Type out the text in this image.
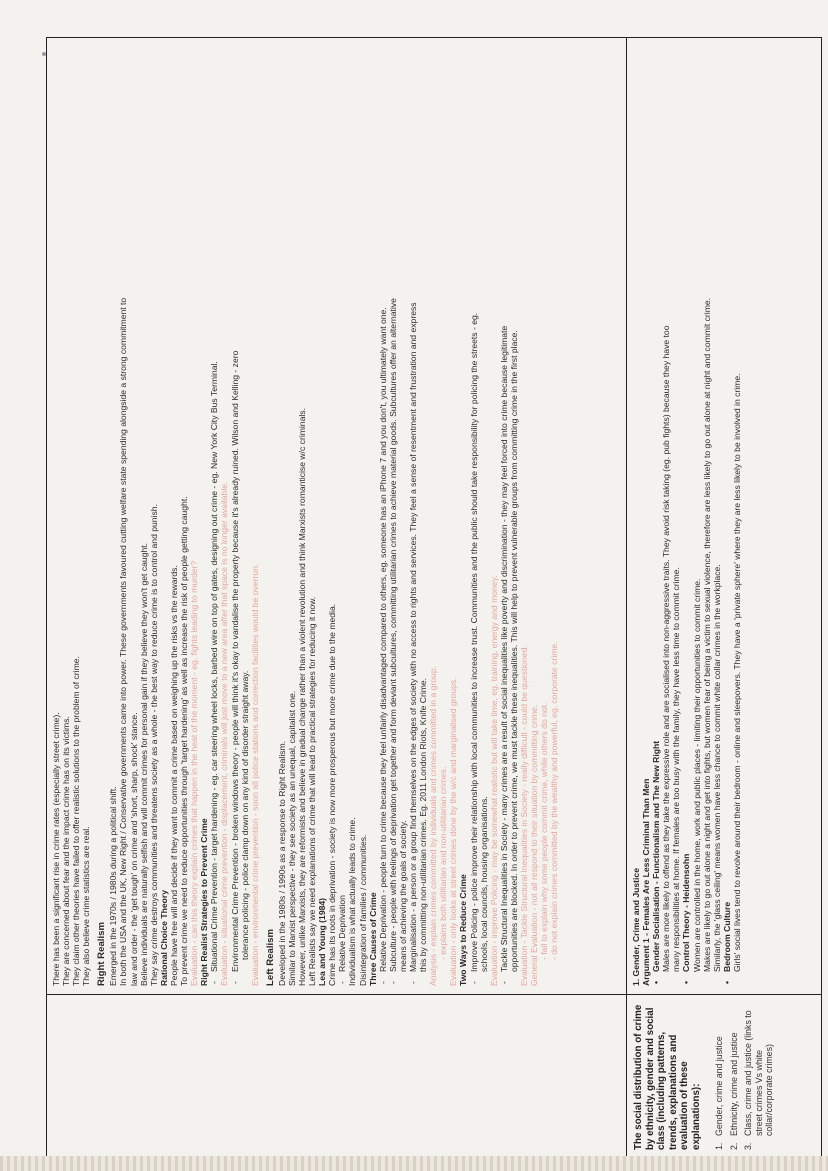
There has been a significant rise in crime rates (especially street crime). They are concerned about fear and the impact crime has on its victims. They claim other theories have failed to offer realistic solutions to the problem of crime. They also believe crime statistics are real. Right Realism Emerged in the 1970s / 1980s during a political shift. In both the USA and the UK, New Right / Conservative governments came into power. These governments favoured cutting welfare state spending alongside a strong commitment to law and order - the 'get tough' on crime and 'short, sharp, shock' stance. Believe individuals are naturally selfish and will commit crimes for personal gain if they believe they won't get caught. They say crime destroys communities and threatens society as a whole - the best way to reduce crime is to control and punish. Rational Choice Theory People have free will and decide if they want to commit a crime based on weighing up the risks vs the rewards. To prevent crime we need to reduce opportunities through 'target hardening' as well as increase the risk of people getting caught. Evaluation - can this theory explain crimes that happen in the heat of the moment - eg. fights leading to murder? Right Realist Strategies to Prevent Crime - Situational Crime Prevention - target hardening - eg. car steering wheel locks, barbed wire on top of gates, designing out crime - eg. New York City Bus Terminal. Evaluation - situational crime prevention - displacement, criminals will just move to a new area after that space is no longer available. - Environmental Crime Prevention - broken windows theory - people will think it's okay to vandalise the property because it's already ruined. Wilson and Kelling - zero tolerance policing - police clamp down on any kind of disorder straight away. Evaluation - environmental crime prevention - soon all police stations and correction facilities would be overrun. Left Realism Developed in the 1980s / 1990s as a response to Right Realism. Similar to Marxist perspective - they see society as an unequal, capitalist one. However, unlike Marxists, they are reformists and believe in gradual change rather than a violent revolution and think Marxists romanticise w/c criminals. Left Realists say we need explanations of crime that will lead to practical strategies for reducing it now. Lea and Young (1984) Crime has its roots in deprivation - society is now more prosperous but more crime due to the media. - Relative Deprivation Individualism is what actually leads to crime. Disintegration of families / communities. Three Causes of Crime - Relative Deprivation - people turn to crime because they feel unfairly disadvantaged compared to others, eg. someone has an iPhone 7 and you don't, you ultimately want one. - Subculture - people with feelings of deprivation get together and form deviant subcultures, committing utilitarian crimes to achieve material goods. Subcultures offer an alternative means of achieving the goals of society. - Marginalisation - a person or a group find themselves on the edges of society with no access to rights and services. They feel a sense of resentment and frustration and express this by committing non-utilitarian crimes. Eg. 2011 London Riots, Knife Crime. Analysis - explain crimes committed by individuals and crimes committed in a group. - explains both utilitarian and non-utilitarian crimes. Evaluation - only looks at street crimes done by the w/c and marginalised groups. Two Ways to Reduce Crime - Improve Policing - police improve their relationship with local communities to increase trust. Communities and the public should take responsibility for policing the streets - eg. schools, local councils, housing organisations. Evaluation - improve Policing - may be somewhat realistic but will take time, eg. training, energy and money. - Tackle Structural Inequalities in Society - many crimes are a result of social inequalities like poverty and discrimination - they may feel forced into crime because legitimate opportunities are blocked. In order to prevent crime, we must tackle these inequalities. This will help to prevent vulnerable groups from committing crime in the first place. Evaluation - Tackle Structural Inequalities in Society - really difficult - could be questioned. General Evaluation - not all respond to their situation by committing crime. - fail to explain why some people commit crime, while others do not. - do not explain crimes committed by the wealthy and powerful, eg. corporate crime.
The social distribution of crime by ethnicity, gender and social class (including patterns, trends, explanations and evaluation of these explanations): 1.
Gender, crime and justice
2.
Ethnicity, crime and justice
3.
Class, crime and justice (links to street crimes Vs white collar/corporate crimes)
1. Gender, Crime and Justice Argument 1 - Females Are Less Criminal Than Men • Gender Socialisation - Functionalism and The New Right Males are more likely to offend as they take the expressive role and are socialised into non-aggressive traits. They avoid risk taking (eg. pub fights) because they have too many responsibilities at home. If females are too busy with the family, they have less time to commit crime. • Control Theory - Heidensohn Women are controlled in the home, work and public places - limiting their opportunities to commit crime. Makes are likely to go out alone a night and get into fights, but women fear of being a victim to sexual violence, therefore are less likely to go out alone at night and commit crime. Similarly, the 'glass ceiling' means women have less chance to commit white collar crimes in the workplace. • Bedroom Culture Girls' social lives tend to revolve around their bedroom - online and sleepovers. They have a 'private sphere' where they are less likely to be involved in crime.
